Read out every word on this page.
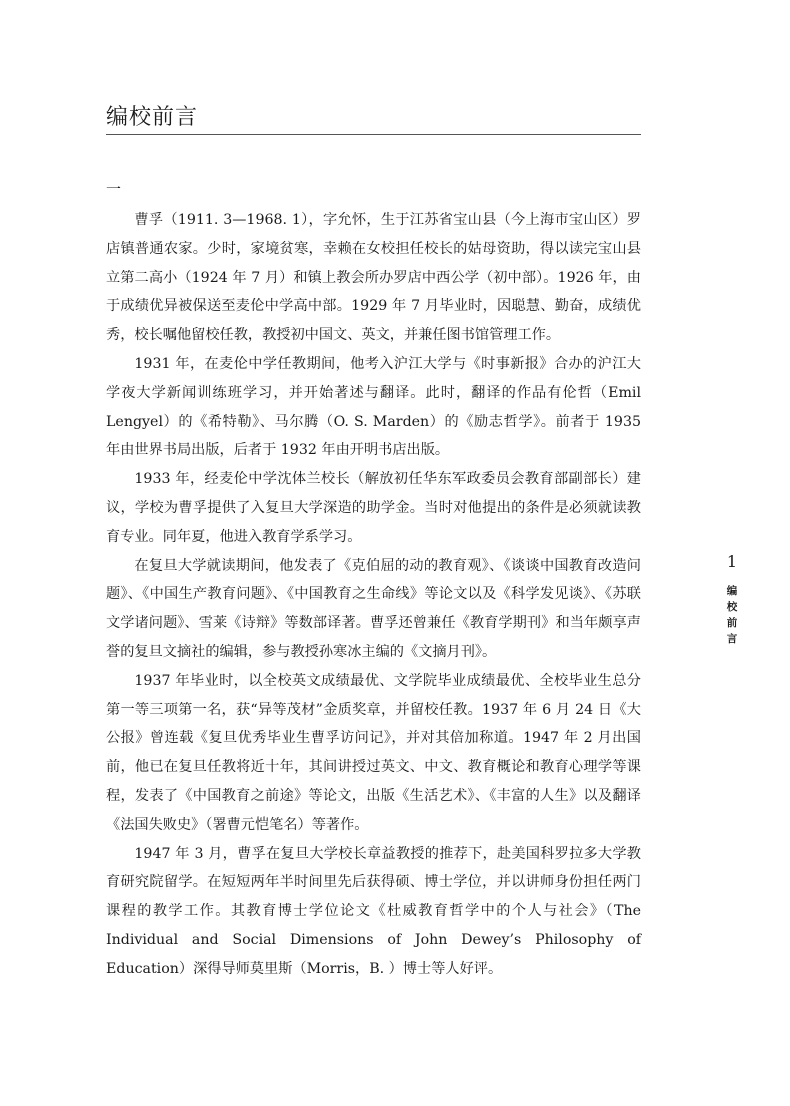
编校前言
一

曹孚（1911. 3—1968. 1），字允怀，生于江苏省宝山县（今上海市宝山区）罗店镇普通农家。少时，家境贫寒，幸赖在女校担任校长的姑母资助，得以读完宝山县立第二高小（1924 年 7 月）和镇上教会所办罗店中西公学（初中部）。1926 年，由于成绩优异被保送至麦伦中学高中部。1929 年 7 月毕业时，因聪慧、勤奋，成绩优秀，校长嘱他留校任教，教授初中国文、英文，并兼任图书馆管理工作。

1931 年，在麦伦中学任教期间，他考入沪江大学与《时事新报》合办的沪江大学夜大学新闻训练班学习，并开始著述与翻译。此时，翻译的作品有伦哲（Emil Lengyel）的《希特勒》、马尔腾（O. S. Marden）的《励志哲学》。前者于 1935 年由世界书局出版，后者于 1932 年由开明书店出版。

1933 年，经麦伦中学沈体兰校长（解放初任华东军政委员会教育部副部长）建议，学校为曹孚提供了入复旦大学深造的助学金。当时对他提出的条件是必须就读教育专业。同年夏，他进入教育学系学习。

在复旦大学就读期间，他发表了《克伯屈的动的教育观》、《谈谈中国教育改造问题》、《中国生产教育问题》、《中国教育之生命线》等论文以及《科学发见谈》、《苏联文学诸问题》、雪莱《诗辩》等数部译著。曹孚还曾兼任《教育学期刊》和当年颇享声誉的复旦文摘社的编辑，参与教授孙寒冰主编的《文摘月刊》。

1937 年毕业时，以全校英文成绩最优、文学院毕业成绩最优、全校毕业生总分第一等三项第一名，获“异等茂材”金质奖章，并留校任教。1937 年 6 月 24 日《大公报》曾连载《复旦优秀毕业生曹孚访问记》，并对其倍加称道。1947 年 2 月出国前，他已在复旦任教将近十年，其间讲授过英文、中文、教育概论和教育心理学等课程，发表了《中国教育之前途》等论文，出版《生活艺术》、《丰富的人生》以及翻译《法国失败史》（署曹元恺笔名）等著作。

1947 年 3 月，曹孚在复旦大学校长章益教授的推荐下，赴美国科罗拉多大学教育研究院留学。在短短两年半时间里先后获得硕、博士学位，并以讲师身份担任两门课程的教学工作。其教育博士学位论文《杜威教育哲学中的个人与社会》（The Individual and Social Dimensions of John Dewey’s Philosophy of Education）深得导师莫里斯（Morris，B. ）博士等人好评。

1
编校前言
